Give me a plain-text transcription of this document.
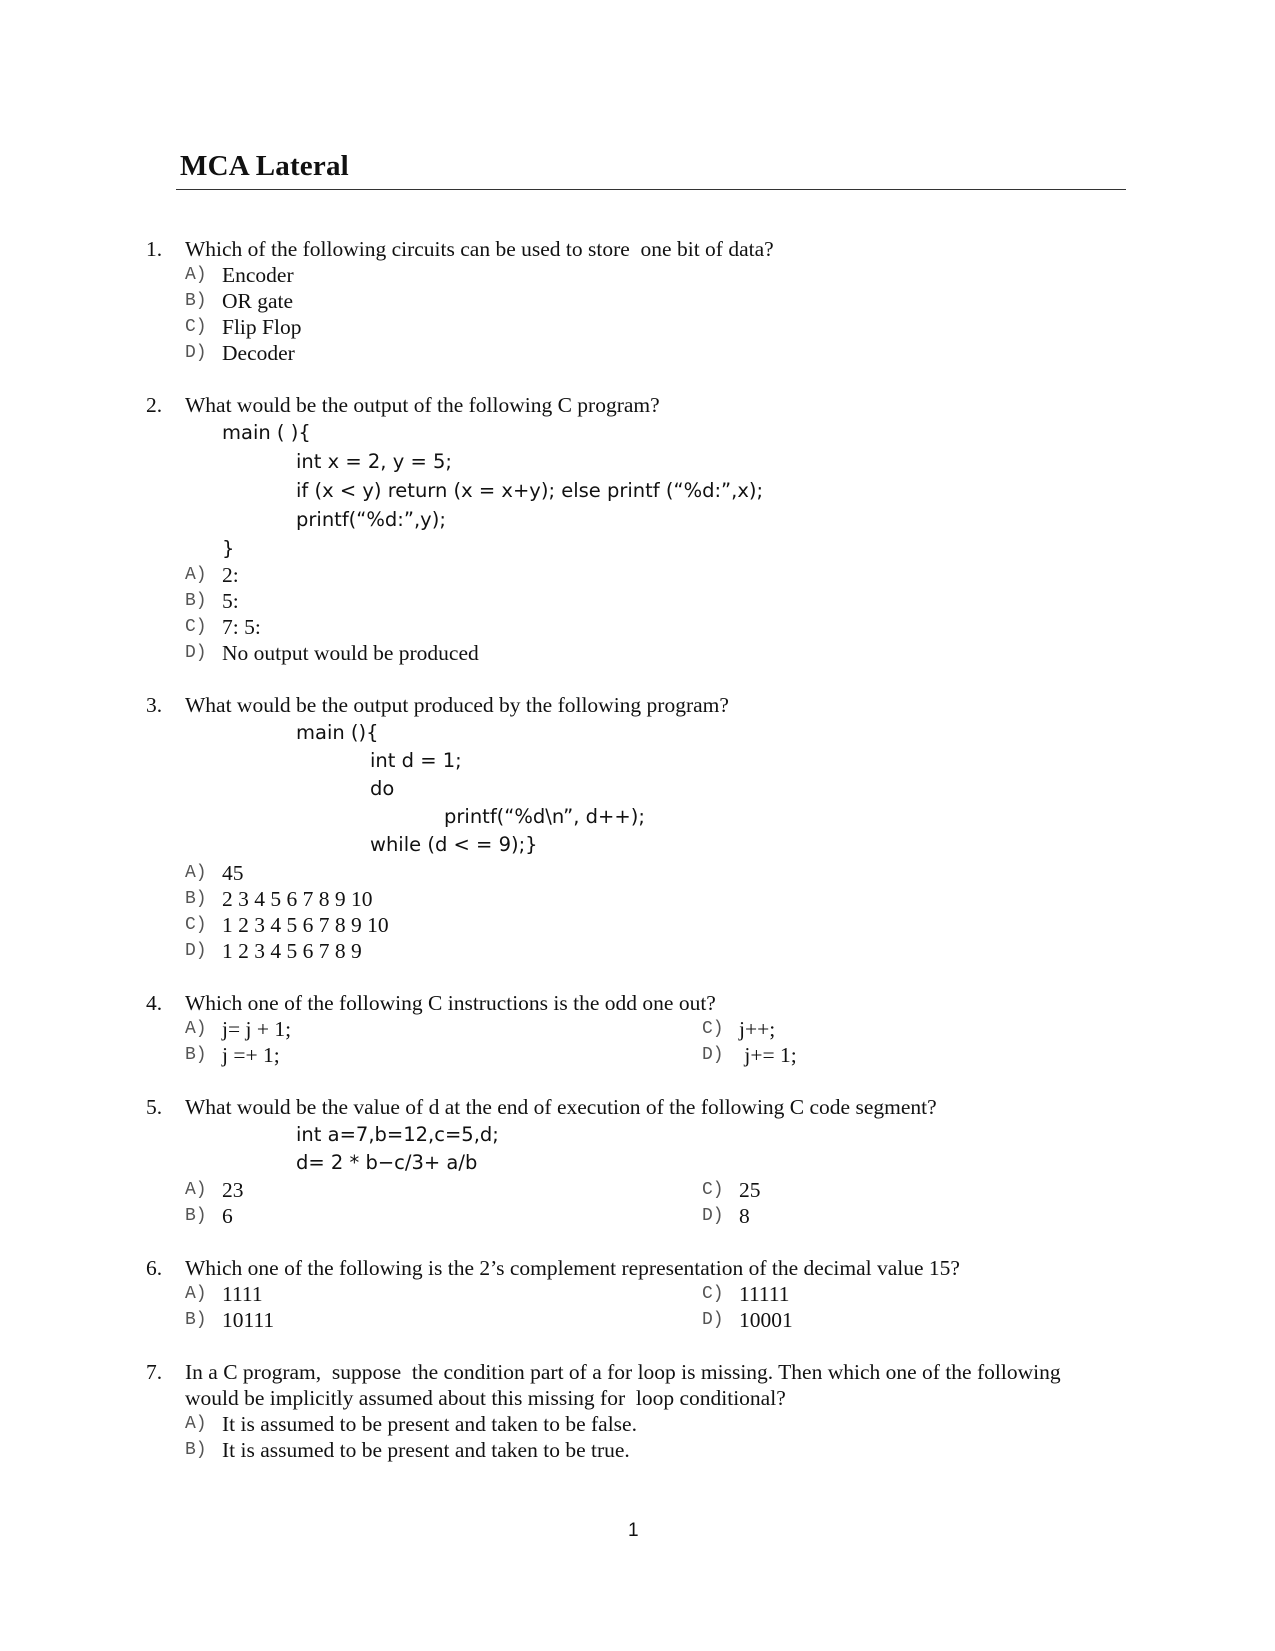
MCA Lateral
1. Which of the following circuits can be used to store  one bit of data?
A) Encoder
B) OR gate
C) Flip Flop
D) Decoder
2. What would be the output of the following C program?
main ( ){
int x = 2, y = 5;
if (x < y) return (x = x+y); else printf (“%d:”,x);
printf(“%d:”,y);
}
A) 2:
B) 5:
C) 7: 5:
D) No output would be produced
3. What would be the output produced by the following program?
main (){
int d = 1;
do
printf(“%d\n”, d++);
while (d < = 9);}
A) 45
B) 2 3 4 5 6 7 8 9 10
C) 1 2 3 4 5 6 7 8 9 10
D) 1 2 3 4 5 6 7 8 9
4. Which one of the following C instructions is the odd one out?
A) j= j + 1;
B) j =+ 1;
C) j++;
D) j+= 1;
5. What would be the value of d at the end of execution of the following C code segment?
int a=7,b=12,c=5,d;
d= 2 * b−c/3+ a/b
A) 23
B) 6
C) 25
D) 8
6. Which one of the following is the 2’s complement representation of the decimal value 15?
A) 1111
B) 10111
C) 11111
D) 10001
7. In a C program,  suppose  the condition part of a for loop is missing. Then which one of the following
would be implicitly assumed about this missing for  loop conditional?
A) It is assumed to be present and taken to be false.
B) It is assumed to be present and taken to be true.
1
